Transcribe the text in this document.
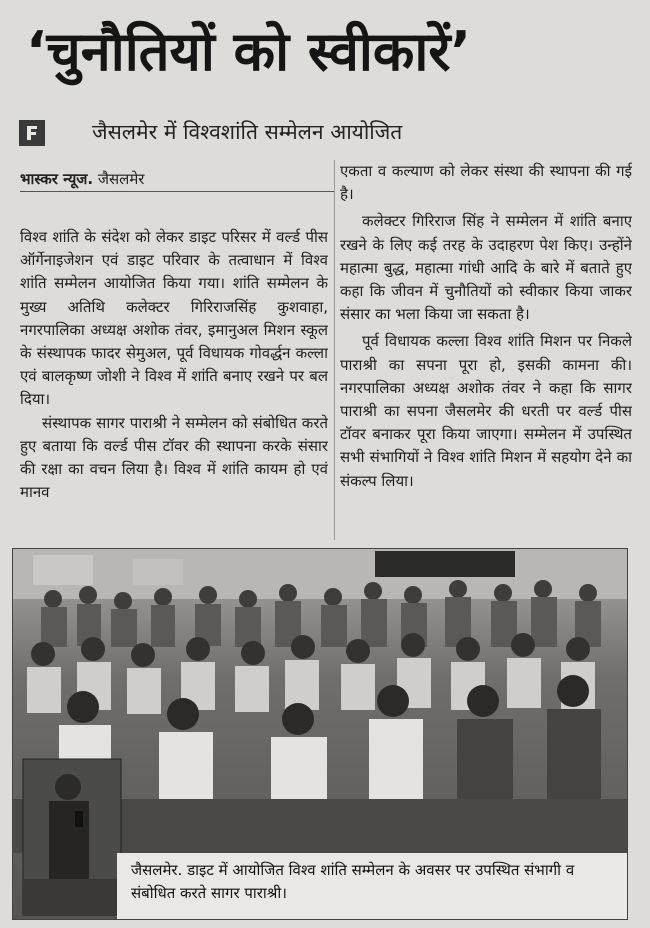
‘चुनौतियों को स्वीकारें’
जैसलमेर में विश्वशांति सम्मेलन आयोजित
भास्कर न्यूज. जैसलमेर

विश्व शांति के संदेश को लेकर डाइट परिसर में वर्ल्ड पीस ऑर्गेनाइजेशन एवं डाइट परिवार के तत्वाधान में विश्व शांति सम्मेलन आयोजित किया गया। शांति सम्मेलन के मुख्य अतिथि कलेक्टर गिरिराजसिंह कुशवाहा, नगरपालिका अध्यक्ष अशोक तंवर, इमानुअल मिशन स्कूल के संस्थापक फादर सेमुअल, पूर्व विधायक गोवर्द्धन कल्ला एवं बालकृष्ण जोशी ने विश्व में शांति बनाए रखने पर बल दिया।

संस्थापक सागर पाराश्री ने सम्मेलन को संबोधित करते हुए बताया कि वर्ल्ड पीस टॉवर की स्थापना करके संसार की रक्षा का वचन लिया है। विश्व में शांति कायम हो एवं मानव

एकता व कल्याण को लेकर संस्था की स्थापना की गई है।

कलेक्टर गिरिराज सिंह ने सम्मेलन में शांति बनाए रखने के लिए कई तरह के उदाहरण पेश किए। उन्होंने महात्मा बुद्ध, महात्मा गांधी आदि के बारे में बताते हुए कहा कि जीवन में चुनौतियों को स्वीकार किया जाकर संसार का भला किया जा सकता है।

पूर्व विधायक कल्ला विश्व शांति मिशन पर निकले पाराश्री का सपना पूरा हो, इसकी कामना की। नगरपालिका अध्यक्ष अशोक तंवर ने कहा कि सागर पाराश्री का सपना जैसलमेर की धरती पर वर्ल्ड पीस टॉवर बनाकर पूरा किया जाएगा। सम्मेलन में उपस्थित सभी संभागियों ने विश्व शांति मिशन में सहयोग देने का संकल्प लिया।

जैसलमेर. डाइट में आयोजित विश्व शांति सम्मेलन के अवसर पर उपस्थित संभागी व संबोधित करते सागर पाराश्री।
